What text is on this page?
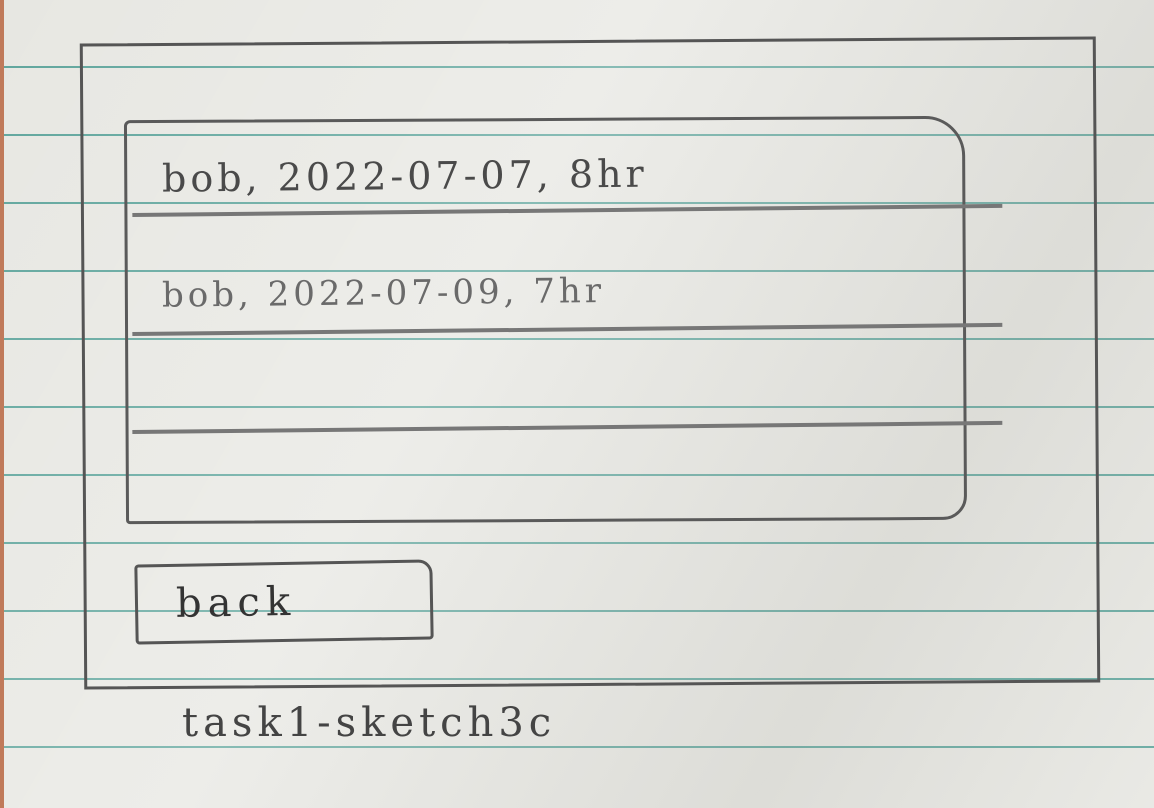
bob, 2022-07-07, 8hr
bob, 2022-07-09, 7hr
back
task1-sketch3c
